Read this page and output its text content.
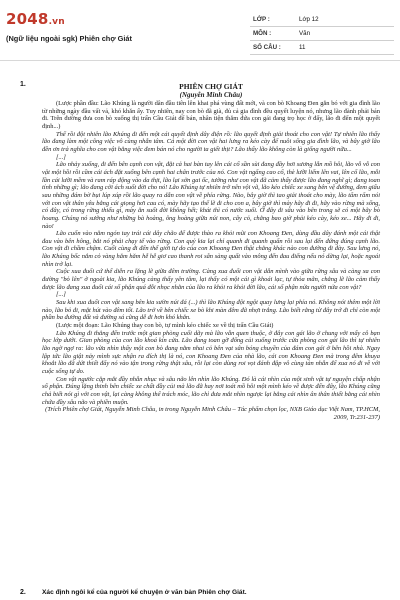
2048.vn
(Ngữ liệu ngoài sgk) Phiên chợ Giát
LỚP :	Lớp 12
MÔN :	Văn
SỐ CÂU :	11
1.	PHIÊN CHỢ GIÁT
(Nguyễn Minh Châu)

(Lược phần đầu: Lão Khúng là người dân đầu tiên lên khai phá vùng đất mới, và con bò Khoang Đen gắn bó với gia đình lão từ những ngày đầu vất vả, khó khăn ấy. Tuy nhiên, nay con bò đã già, đủ cả gia đình đều quyết luyện nó, nhưng lão đành phải bán đi. Trên đường đưa con bò xuống thị trấn Cầu Giát để bán, nhân tiện thăm đứa con gái đang trọ học ở đấy, lão đi đến một quyết định...)

Thế rồi đột nhiên lão Khúng đi đến một cái quyết định dây điện rồ: lão quyết định giải thoát cho con vật! Tự nhiên lão thấy lão đang làm một công việc vô cùng nhẫn tâm. Cả một đời con vật hai lưng ra kéo cày để nuôi sống gia đình lão, và bây giờ lão đền ơn trả nghĩa cho con vật bằng việc đem bán nó cho người ta giết thịt? Lão thấy lão không còn là giống người nữa...

[...]

Lão nhảy xuống, đi đến bên cạnh con vật, đặt cả hai bàn tay lên cái cổ sần sùi đang đầy hơi sương lẫn mồ hôi, lão vỗ vỗ con vật một hồi rồi cầm cái ách đặt xuống bên cạnh hai chân trước của nó. Con vật ngẩng cao cổ, thè lưỡi liếm lên vai, lên cổ lão, mỗi lần cái lưỡi mềm và ram ráp động vào da thịt, lão lại sởn gai ốc, tưởng như con vật đã cảm thấy được lão đang nghĩ gì; đang toan tính những gì; lão đang cởi ách suốt đời cho nó! Lão Khúng tự nhiên trở nên vội vã, lão kéo chiếc xe sang bên vệ đường, đem giấu sau những đám bờ bụi lúp xúp rồi lão quay ra dẫn con vật về phía rừng. Nào, bây giờ thì tao giải thoát cho mày, lão tẩm rẩm nói với con vật thân yêu bằng cái giọng hơi cau có, mày hãy tạo thế lẽ đi cho con a, bây giờ thì mày hãy đi đi, hãy vào rừng mà sống, có đây, có trong rừng thiếu gì, mày ăn suốt đời không hết; khát thì có nước suối. Ở đây đi sâu vào bên trong sẽ có một bãy bò hoang. Chúng nó sướng như những bà hoàng, ông hoàng giữa núi non, cây cỏ, chẳng bao giờ phải kéo cày, kéo xe... Hãy đi đi, nào!

Lão cuốn vào năm ngón tay trái cái dây chão để được thào ra khỏi mũi con Khoang Đen, dùng đầu dây đánh một cái thật đau vào bên hông, bắt nó phải chạy tế vào rừng. Con quỷ kia lại chỉ quanh đi quanh quẩn rồi sau lại đến đứng đúng cạnh lão. Con vật đi chầm chậm. Cuối cùng đi đến thế giới tự do của con Khoang Đen thật chẳng khác nào con đường đi đày. Sau lưng nó, lão Khúng bốc nắm cỏ vàng hăm hăm hễ hễ giơ cao thanh roi sẵn sàng quất vào mông đến đau điếng nếu nó dừng lại, hoặc ngoái nhìn trở lại.

Cuộc xua đuổi cứ thế diễn ra lặng lẽ giữa đêm trường. Càng xua đuổi con vật dẫn mình vào giữa rừng sâu và càng xa con đường "bỏ lên" ở ngoài kia, lão Khúng càng thấy yên tâm, lại thấy có một cái gì khoái lạc, tự thỏa mãn, chẳng lẽ lão cảm thấy được lão đang xua đuổi cái số phận quá đỗi nhọc nhằn của lão ra khỏi ra khỏi đời lão, cái số phận nửa người nửa con vật?

[...]

Sau khi xua đuổi con vật sang bên kia sườn núi đá (...) thì lão Khúng đột ngột quay lưng lại phía nó. Không nói thêm một lời nào, lão bỏ đi, mặt hút vào đêm tối. Lão trở về bên chiếc xe bò khi màn đêm đã nhợt trắng. Lão biết rằng từ đây trở đi chỉ còn một phần ba đường đất và đường sá cũng dễ đi hơn khó khăn.

(Lược một đoạn: Lão Khúng thay con bò, tự mình kéo chiếc xe về thị trấn Cầu Giát)

Lão Khúng đi thẳng đến trước một gian phòng cuối dãy mà lão vẫn quen thuộc, ở đây con gái lão ở chung với mấy cô bạn học lớp dưới. Gian phòng của con lão khoá kín cửa. Lão đang toan gỡ đống củi xuống trước cửa phòng con gái lão thì tự nhiên lão ngờ ngợ ra: lão vừa nhìn thấy một con bò đang nằm nhai cỏ bên vạt sân bóng chuyền của đám con gái ở bên hồi nhà. Ngay lập tức lão giật nảy mình sực nhận ra đích thị là nó, con Khoang Đen của nhà lão, cái con Khoang Đen mà trong đêm khuya khoắt lão đã dứt thiết đẩy nó vào tận trong rừng thật sâu, rồi lại còn dùng roi vọt đánh đập vô cùng tàn nhẫn để xua nó đi về với cuộc sống tự do.

Con vật ngước cặp mắt đầy nhẫn nhục và sâu não lên nhìn lão Khúng. Đó là cái nhìn của một sinh vật tự nguyện chấp nhận số phận. Đúng lặng thinh bên chiếc xe chất đầy củi mà lão đã hay nơi toát mồ hôi một mình kéo về được đến đây, lão Khúng cũng chả biết nói gì với con vật, lại càng không thể trách móc, lão chỉ đưa mắt nhìn ngược lại bằng cái nhìn ân thân thiết bằng cái nhìn chứa đầy sâu não và phiền muộn.

(Trích Phiên chợ Giát, Nguyễn Minh Châu, in trong Nguyễn Minh Châu – Tác phẩm chọn lọc, NXB Giáo dục Việt Nam, TP.HCM, 2009, Tr.231-237)

2. Xác định ngôi kể của người kể chuyện ở văn bản Phiên chợ Giát.
